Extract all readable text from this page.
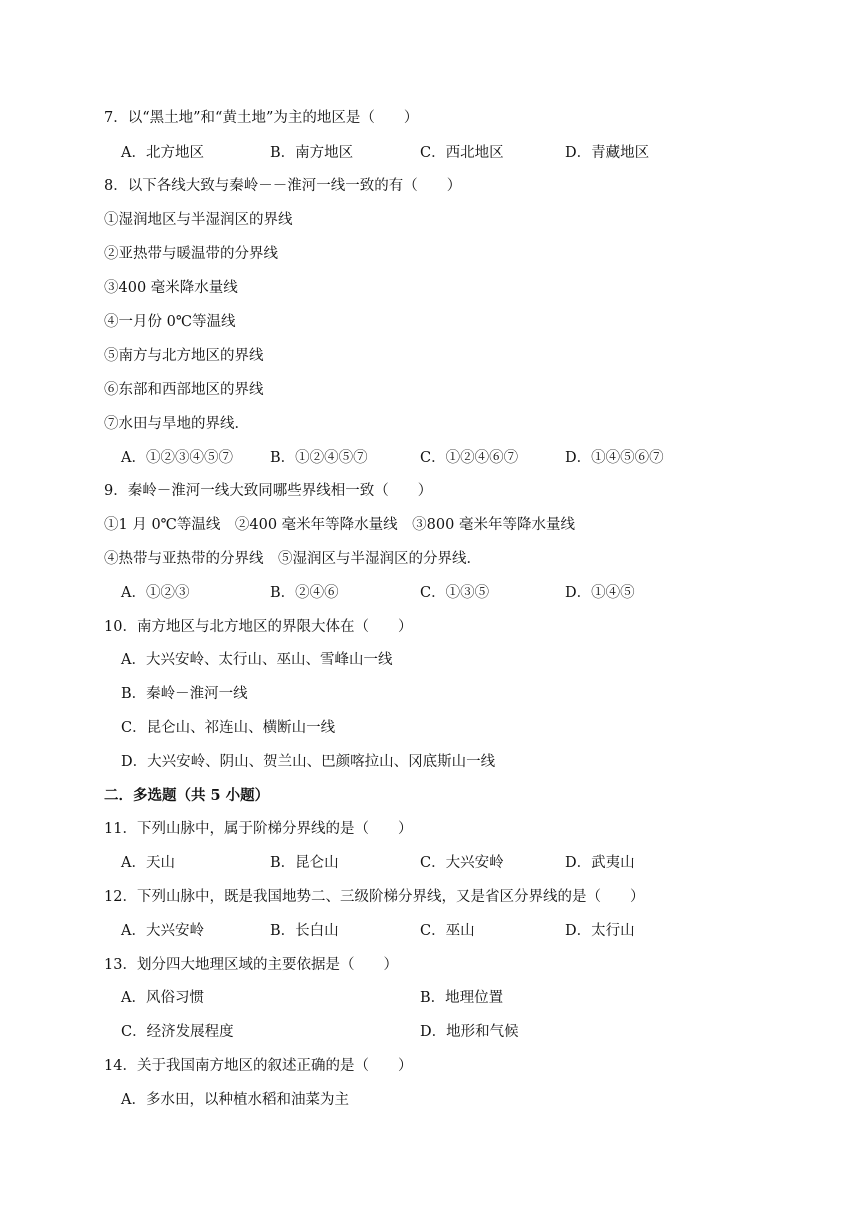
7．以“黑土地”和“黄土地”为主的地区是（　　）
A．北方地区	B．南方地区	C．西北地区	D．青藏地区
8．以下各线大致与秦岭－－淮河一线一致的有（　　）
①湿润地区与半湿润区的界线
②亚热带与暖温带的分界线
③400 毫米降水量线
④一月份 0℃等温线
⑤南方与北方地区的界线
⑥东部和西部地区的界线
⑦水田与旱地的界线．
A．①②③④⑤⑦	B．①②④⑤⑦	C．①②④⑥⑦	D．①④⑤⑥⑦
9．秦岭－淮河一线大致同哪些界线相一致（　　）
①1 月 0℃等温线　②400 毫米年等降水量线　③800 毫米年等降水量线
④热带与亚热带的分界线　⑤湿润区与半湿润区的分界线．
A．①②③	B．②④⑥	C．①③⑤	D．①④⑤
10．南方地区与北方地区的界限大体在（　　）
A．大兴安岭、太行山、巫山、雪峰山一线
B．秦岭－淮河一线
C．昆仑山、祁连山、横断山一线
D．大兴安岭、阴山、贺兰山、巴颜喀拉山、冈底斯山一线
二．多选题（共 5 小题）
11．下列山脉中，属于阶梯分界线的是（　　）
A．天山	B．昆仑山	C．大兴安岭	D．武夷山
12．下列山脉中，既是我国地势二、三级阶梯分界线，又是省区分界线的是（　　）
A．大兴安岭	B．长白山	C．巫山	D．太行山
13．划分四大地理区域的主要依据是（　　）
A．风俗习惯	B．地理位置
C．经济发展程度	D．地形和气候
14．关于我国南方地区的叙述正确的是（　　）
A．多水田，以种植水稻和油菜为主
